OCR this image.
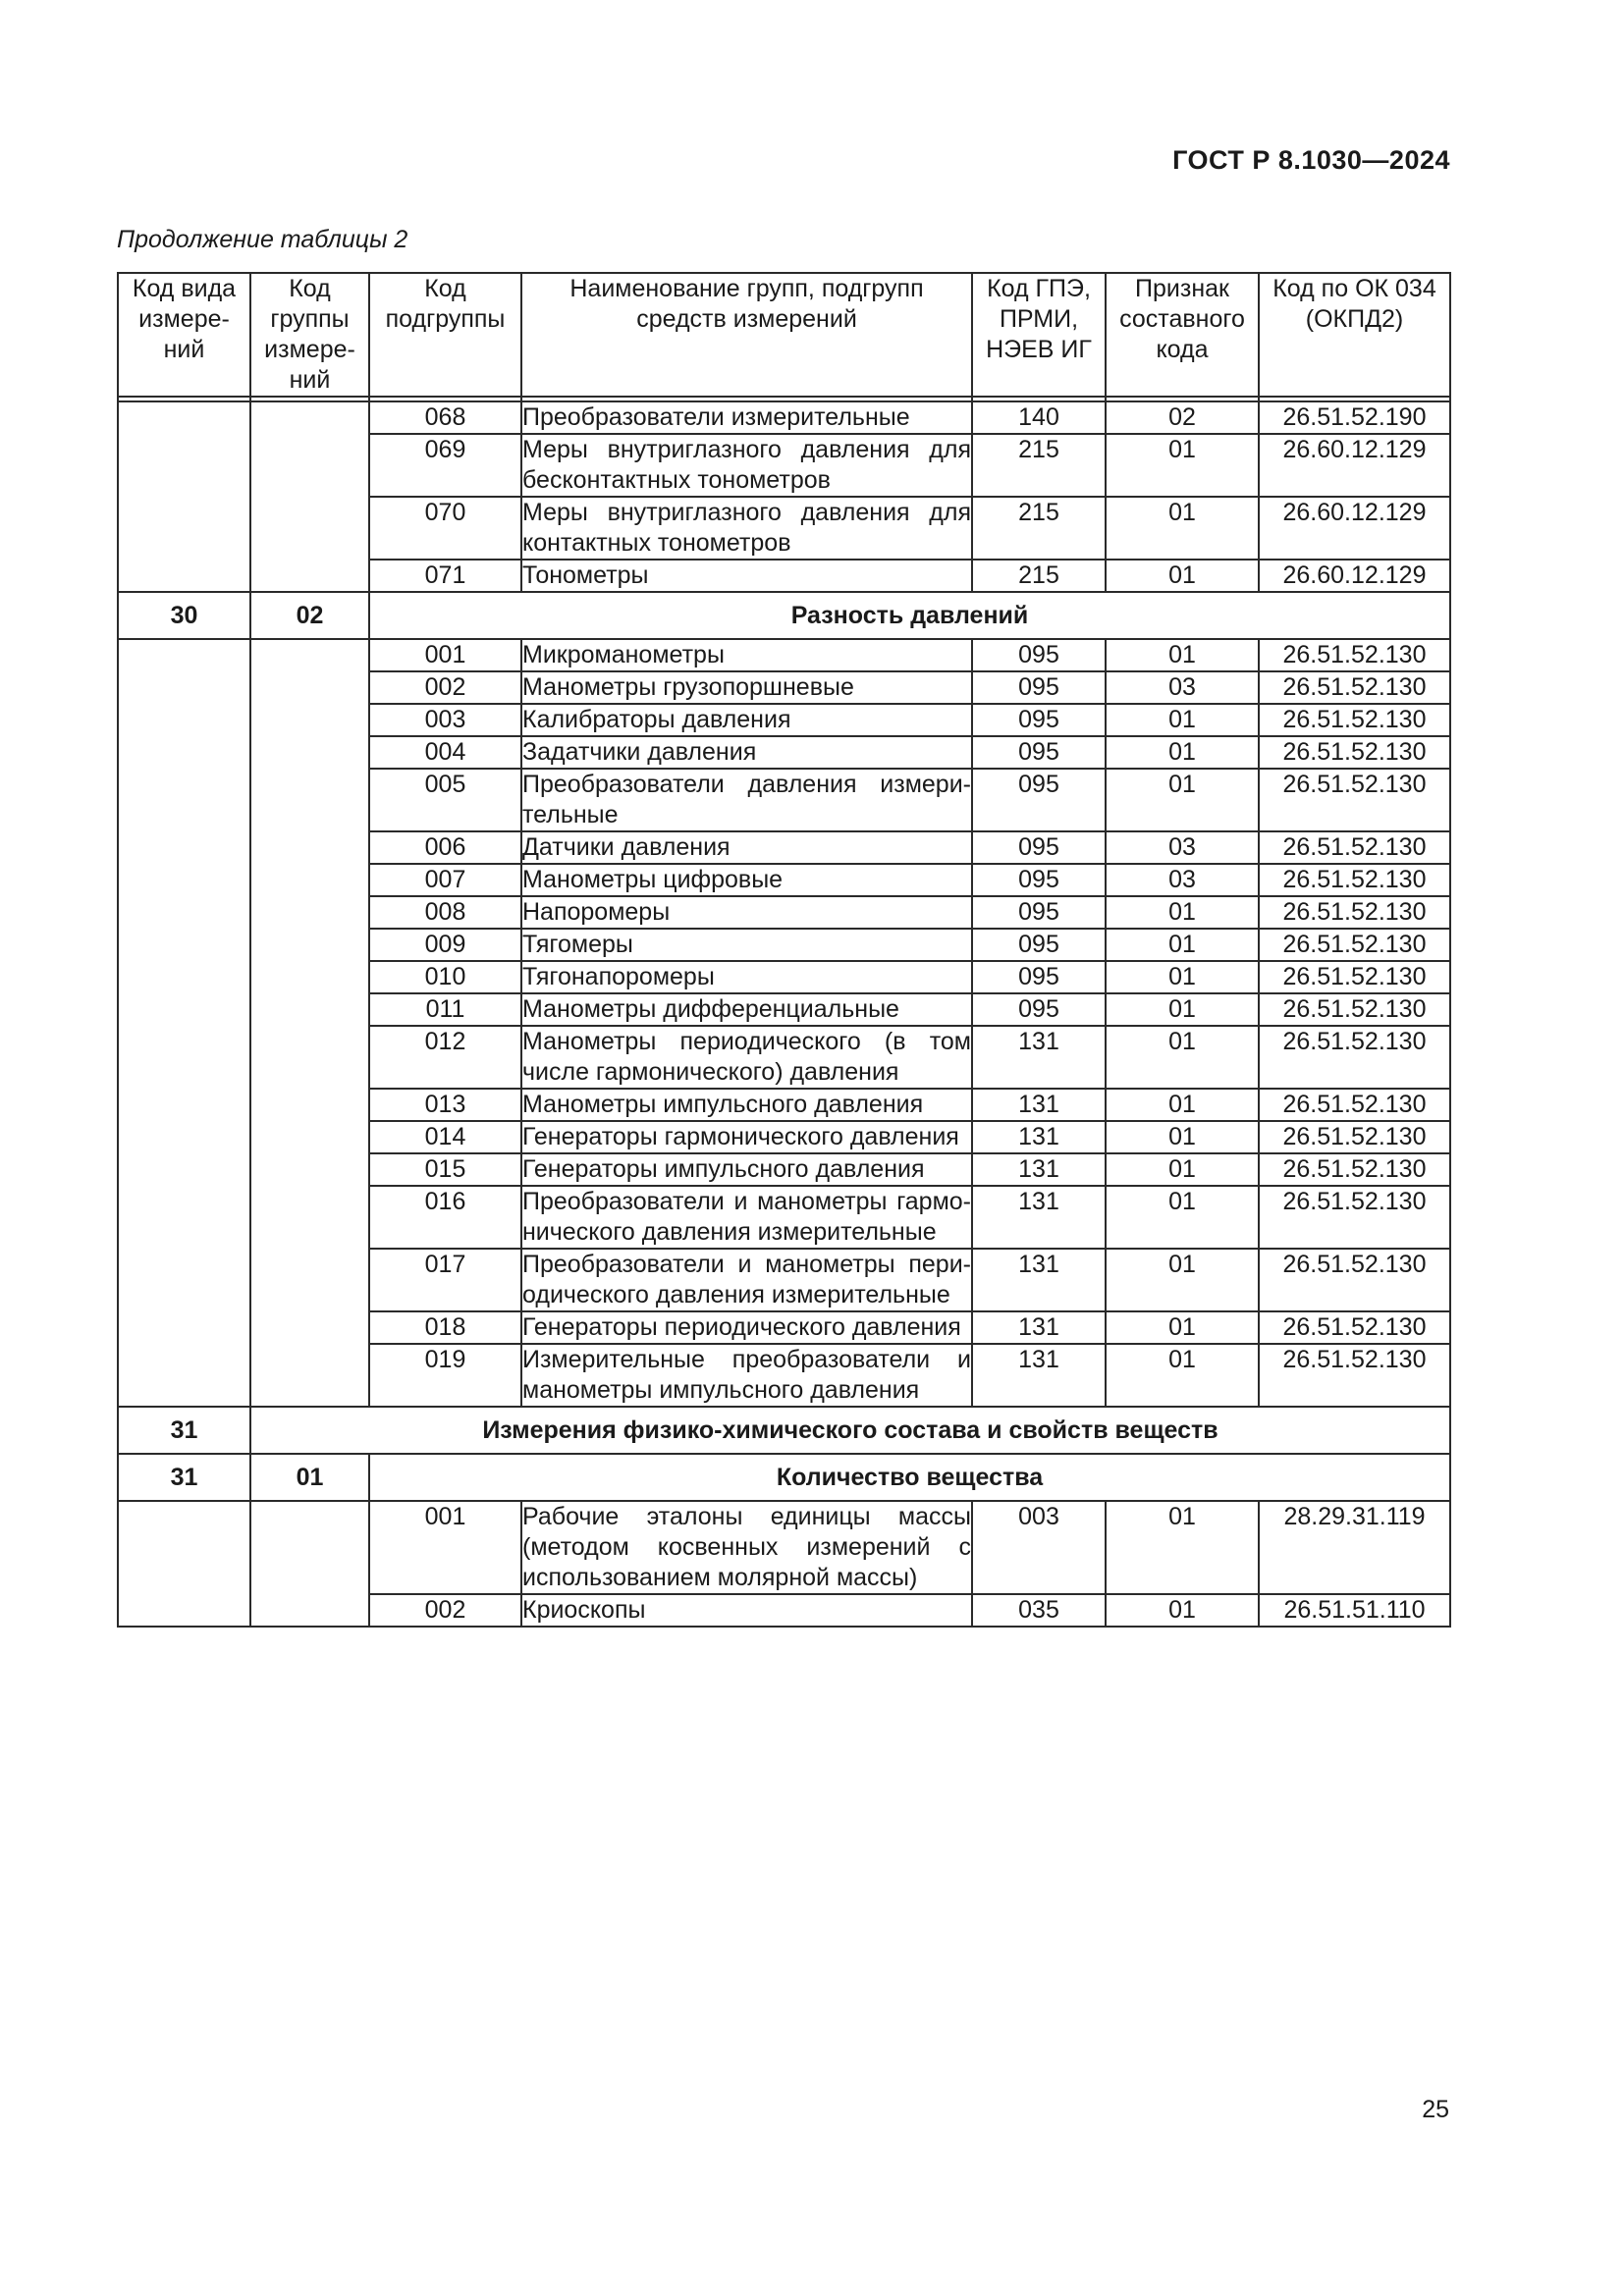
ГОСТ Р 8.1030—2024
Продолжение таблицы 2
Код вида измере-ний	Код группы измере-ний	Код подгруппы	Наименование групп, подгрупп средств измерений	Код ГПЭ, ПРМИ, НЭЕВ ИГ	Признак составного кода	Код по ОК 034 (ОКПД2)

		068	Преобразователи измерительные	140	02	26.51.52.190
		069	Меры внутриглазного давления для бесконтактных тонометров	215	01	26.60.12.129
		070	Меры внутриглазного давления для контактных тонометров	215	01	26.60.12.129
		071	Тонометры	215	01	26.60.12.129
30	02	Разность давлений				
		001	Микроманометры	095	01	26.51.52.130
		002	Манометры грузопоршневые	095	03	26.51.52.130
		003	Калибраторы давления	095	01	26.51.52.130
		004	Задатчики давления	095	01	26.51.52.130
		005	Преобразователи давления измери-тельные	095	01	26.51.52.130
		006	Датчики давления	095	03	26.51.52.130
		007	Манометры цифровые	095	03	26.51.52.130
		008	Напоромеры	095	01	26.51.52.130
		009	Тягомеры	095	01	26.51.52.130
		010	Тягонапоромеры	095	01	26.51.52.130
		011	Манометры дифференциальные	095	01	26.51.52.130
		012	Манометры периодического (в том числе гармонического) давления	131	01	26.51.52.130
		013	Манометры импульсного давления	131	01	26.51.52.130
		014	Генераторы гармонического давления	131	01	26.51.52.130
		015	Генераторы импульсного давления	131	01	26.51.52.130
		016	Преобразователи и манометры гармо-нического давления измерительные	131	01	26.51.52.130
		017	Преобразователи и манометры пери-одического давления измерительные	131	01	26.51.52.130
		018	Генераторы периодического давления	131	01	26.51.52.130
		019	Измерительные преобразователи и манометры импульсного давления	131	01	26.51.52.130
31	Измерения физико-химического состава и свойств веществ					
31	01	Количество вещества				
		001	Рабочие эталоны единицы массы (методом косвенных измерений с использованием молярной массы)	003	01	28.29.31.119
		002	Криоскопы	035	01	26.51.51.110
25
